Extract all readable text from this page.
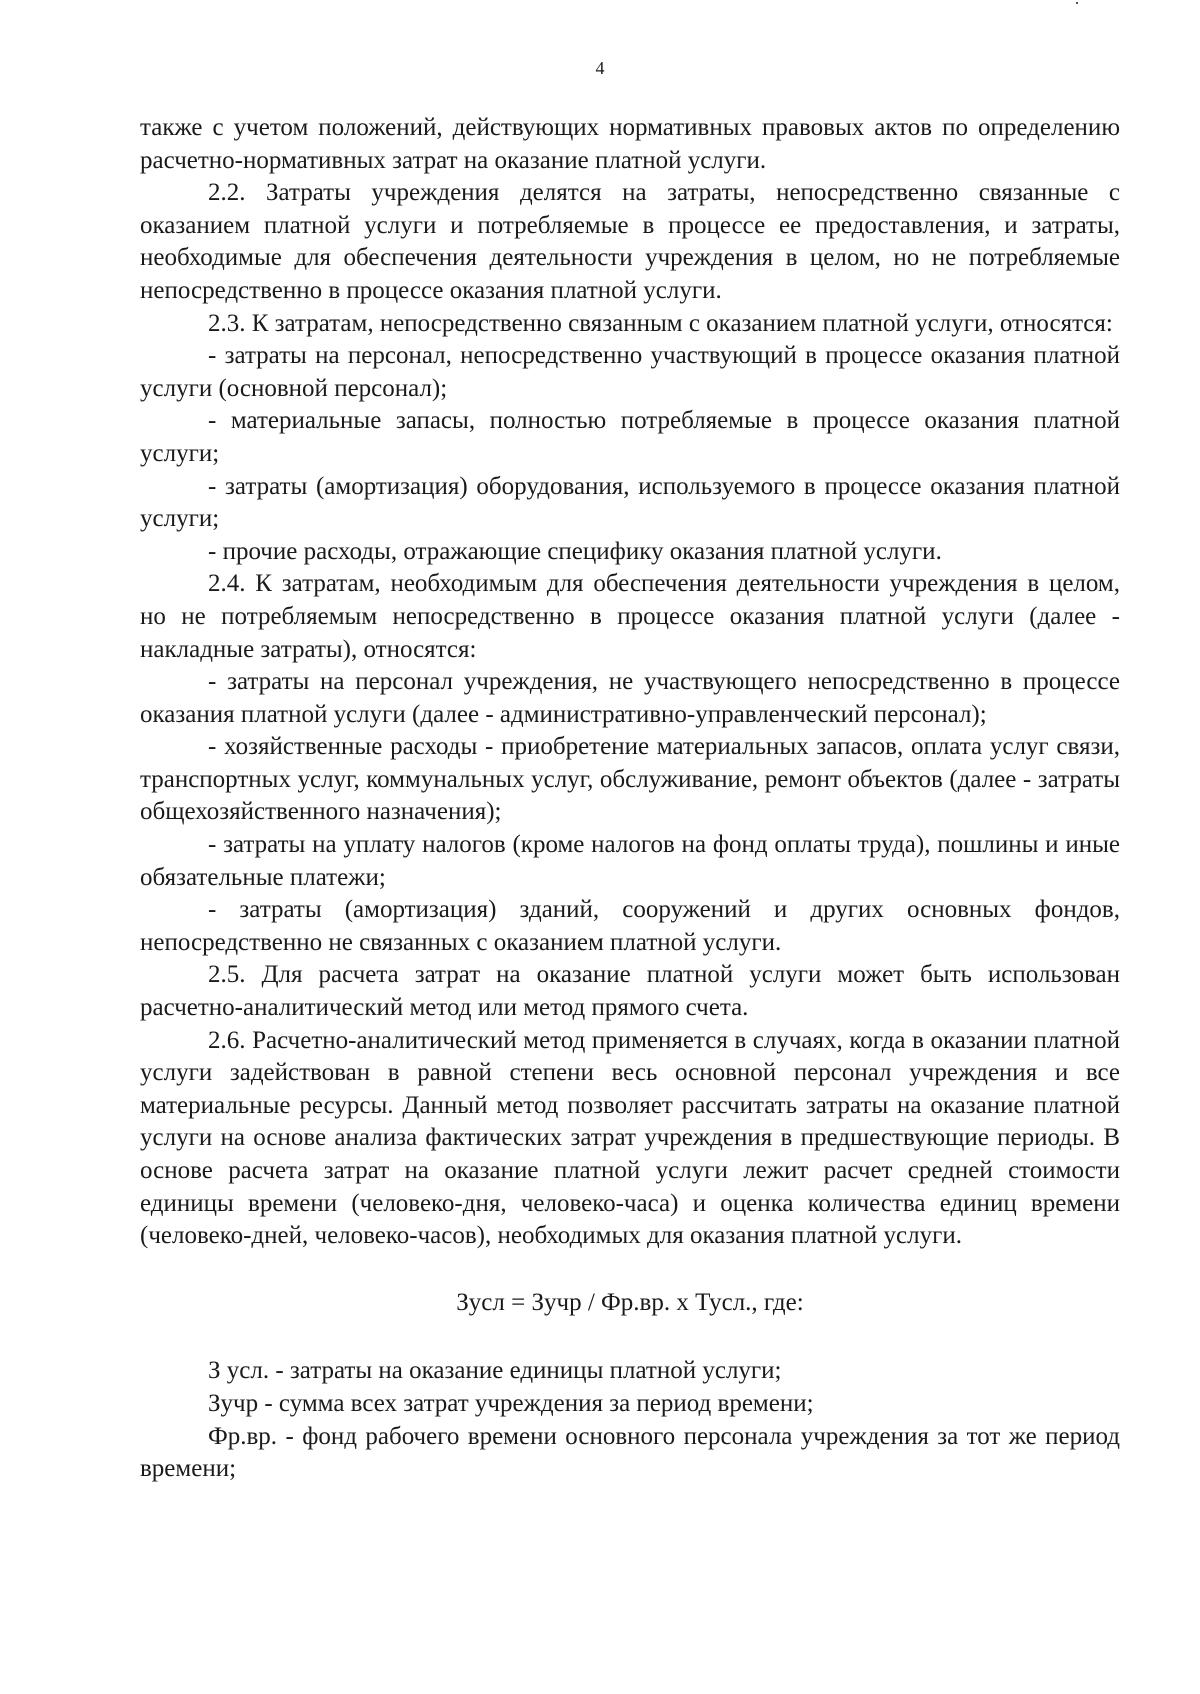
4

также с учетом положений, действующих нормативных правовых актов по определению расчетно-нормативных затрат на оказание платной услуги.

2.2. Затраты учреждения делятся на затраты, непосредственно связанные с оказанием платной услуги и потребляемые в процессе ее предоставления, и затраты, необходимые для обеспечения деятельности учреждения в целом, но не потребляемые непосредственно в процессе оказания платной услуги.

2.3. К затратам, непосредственно связанным с оказанием платной услуги, относятся:

- затраты на персонал, непосредственно участвующий в процессе оказания платной услуги (основной персонал);

- материальные запасы, полностью потребляемые в процессе оказания платной услуги;

- затраты (амортизация) оборудования, используемого в процессе оказания платной услуги;

- прочие расходы, отражающие специфику оказания платной услуги.

2.4. К затратам, необходимым для обеспечения деятельности учреждения в целом, но не потребляемым непосредственно в процессе оказания платной услуги (далее - накладные затраты), относятся:

- затраты на персонал учреждения, не участвующего непосредственно в процессе оказания платной услуги (далее - административно-управленческий персонал);

- хозяйственные расходы - приобретение материальных запасов, оплата услуг связи, транспортных услуг, коммунальных услуг, обслуживание, ремонт объектов (далее - затраты общехозяйственного назначения);

- затраты на уплату налогов (кроме налогов на фонд оплаты труда), пошлины и иные обязательные платежи;

- затраты (амортизация) зданий, сооружений и других основных фондов, непосредственно не связанных с оказанием платной услуги.

2.5. Для расчета затрат на оказание платной услуги может быть использован расчетно-аналитический метод или метод прямого счета.

2.6. Расчетно-аналитический метод применяется в случаях, когда в оказании платной услуги задействован в равной степени весь основной персонал учреждения и все материальные ресурсы. Данный метод позволяет рассчитать затраты на оказание платной услуги на основе анализа фактических затрат учреждения в предшествующие периоды. В основе расчета затрат на оказание платной услуги лежит расчет средней стоимости единицы времени (человеко-дня, человеко-часа) и оценка количества единиц времени (человеко-дней, человеко-часов), необходимых для оказания платной услуги.

Зусл = Зучр / Фр.вр. х Тусл., где:

З усл. - затраты на оказание единицы платной услуги;

Зучр - сумма всех затрат учреждения за период времени;

Фр.вр. - фонд рабочего времени основного персонала учреждения за тот же период времени;
